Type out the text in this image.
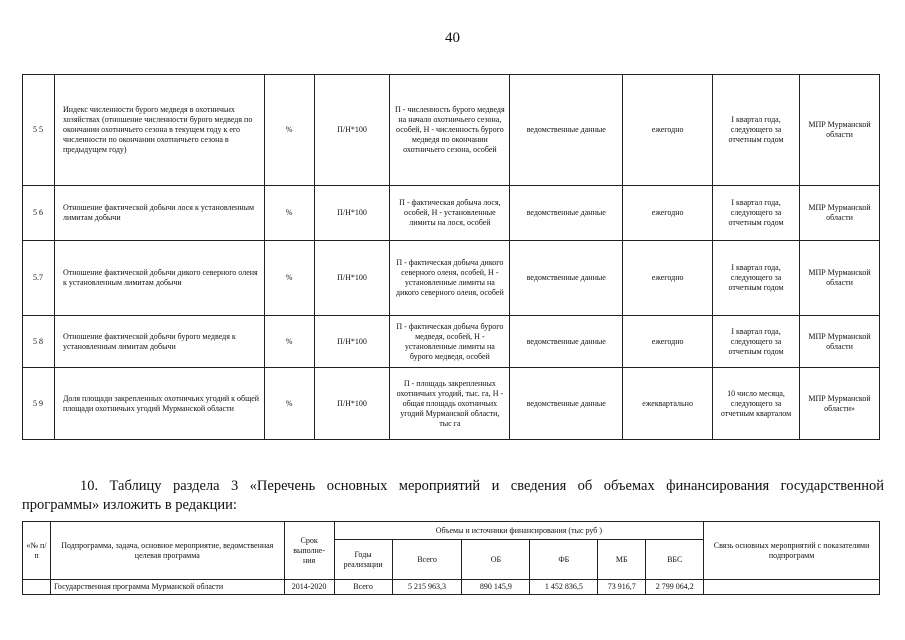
40
5 5	Индекс численности бурого медведя в охотничьих хозяйствах (отношение численности бурого медведя по окончании охотничьего сезона в текущем году к его численности по окончании охотничьего сезона в предыдущем году)	%	П/Н*100	П - численность бурого медведя на начало охотничьего сезона, особей, Н - численность бурого медведя по окончании охотничьего сезона, особей	ведомственные данные	ежегодно	I квартал года, следующего за отчетным годом	МПР Мурманской области
5 6	Отношение фактической добычи лося к установленным лимитам добычи	%	П/Н*100	П - фактическая добыча лося, особей, Н - установленные лимиты на лося, особей	ведомственные данные	ежегодно	I квартал года, следующего за отчетным годом	МПР Мурманской области
5.7	Отношение фактической добычи дикого северного оленя к установленным лимитам добычи	%	П/Н*100	П - фактическая добыча дикого северного оленя, особей, Н - установленные лимиты на дикого северного оленя, особей	ведомственные данные	ежегодно	I квартал года, следующего за отчетным годом	МПР Мурманской области
5 8	Отношение фактической добычи бурого медведя к установленным лимитам добычи	%	П/Н*100	П - фактическая добыча бурого медведя, особей, Н - установленные лимиты на бурого медведя, особей	ведомственные данные	ежегодно	I квартал года, следующего за отчетным годом	МПР Мурманской области
5 9	Доля площади закрепленных охотничьих угодий к общей площади охотничьих угодий Мурманской области	%	П/Н*100	П - площадь закрепленных охотничьих угодий, тыс. га, Н - общая площадь охотничьих угодий Мурманской области, тыс га	ведомственные данные	ежеквартально	10 число месяца, следующего за отчетным кварталом	МПР Мурманской области»
10. Таблицу раздела 3 «Перечень основных мероприятий и сведения об объемах финансирования государственной
программы» изложить в редакции:
«№ п/п	Подпрограмма, задача, основное мероприятие, ведомственная целевая программа	Срок выполне-ния	Объемы и источники финансирования (тыс руб )						Связь основных мероприятий с показателями подпрограмм
			Годы реализации	Всего	ОБ	ФБ	МБ	ВБС	
	Государственная программа Мурманской области	2014-2020	Всего	5 215 963,3	890 145,9	1 452 836,5	73 916,7	2 799 064,2	
